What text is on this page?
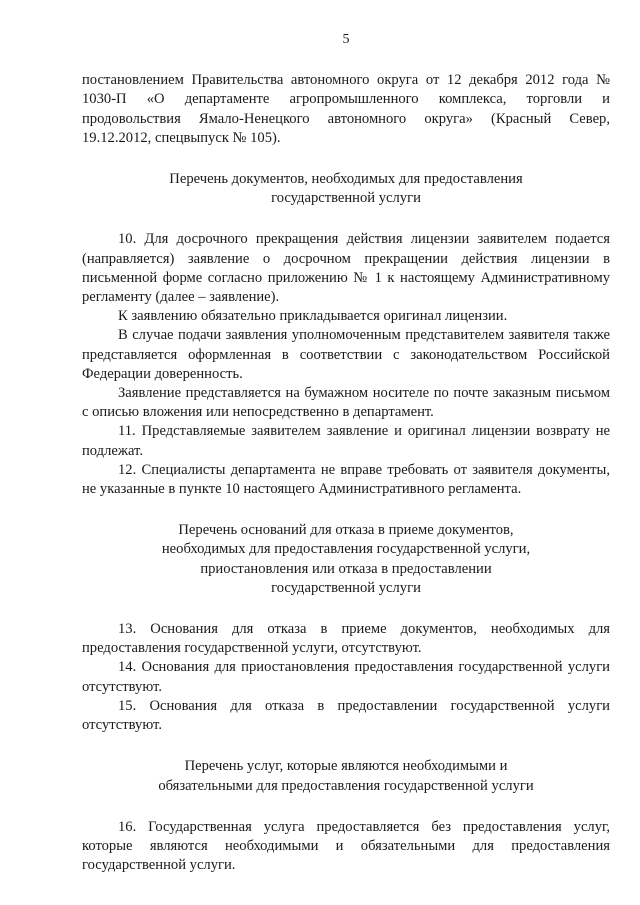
5

постановлением Правительства автономного округа от 12 декабря 2012 года № 1030-П «О департаменте агропромышленного комплекса, торговли и продовольствия Ямало-Ненецкого автономного округа» (Красный Север, 19.12.2012, спецвыпуск № 105).

Перечень документов, необходимых для предоставления
государственной услуги

10. Для досрочного прекращения действия лицензии заявителем подается (направляется) заявление о досрочном прекращении действия лицензии в письменной форме согласно приложению № 1 к настоящему Административному регламенту (далее – заявление).

К заявлению обязательно прикладывается оригинал лицензии.

В случае подачи заявления уполномоченным представителем заявителя также представляется оформленная в соответствии с законодательством Российской Федерации доверенность.

Заявление представляется на бумажном носителе по почте заказным письмом с описью вложения или непосредственно в департамент.

11. Представляемые заявителем заявление и оригинал лицензии возврату не подлежат.

12. Специалисты департамента не вправе требовать от заявителя документы, не указанные в пункте 10 настоящего Административного регламента.

Перечень оснований для отказа в приеме документов,
необходимых для предоставления государственной услуги,
приостановления или отказа в предоставлении
государственной услуги

13. Основания для отказа в приеме документов, необходимых для предоставления государственной услуги, отсутствуют.

14. Основания для приостановления предоставления государственной услуги отсутствуют.

15. Основания для отказа в предоставлении государственной услуги отсутствуют.

Перечень услуг, которые являются необходимыми и
обязательными для предоставления государственной услуги

16. Государственная услуга предоставляется без предоставления услуг, которые являются необходимыми и обязательными для предоставления государственной услуги.
